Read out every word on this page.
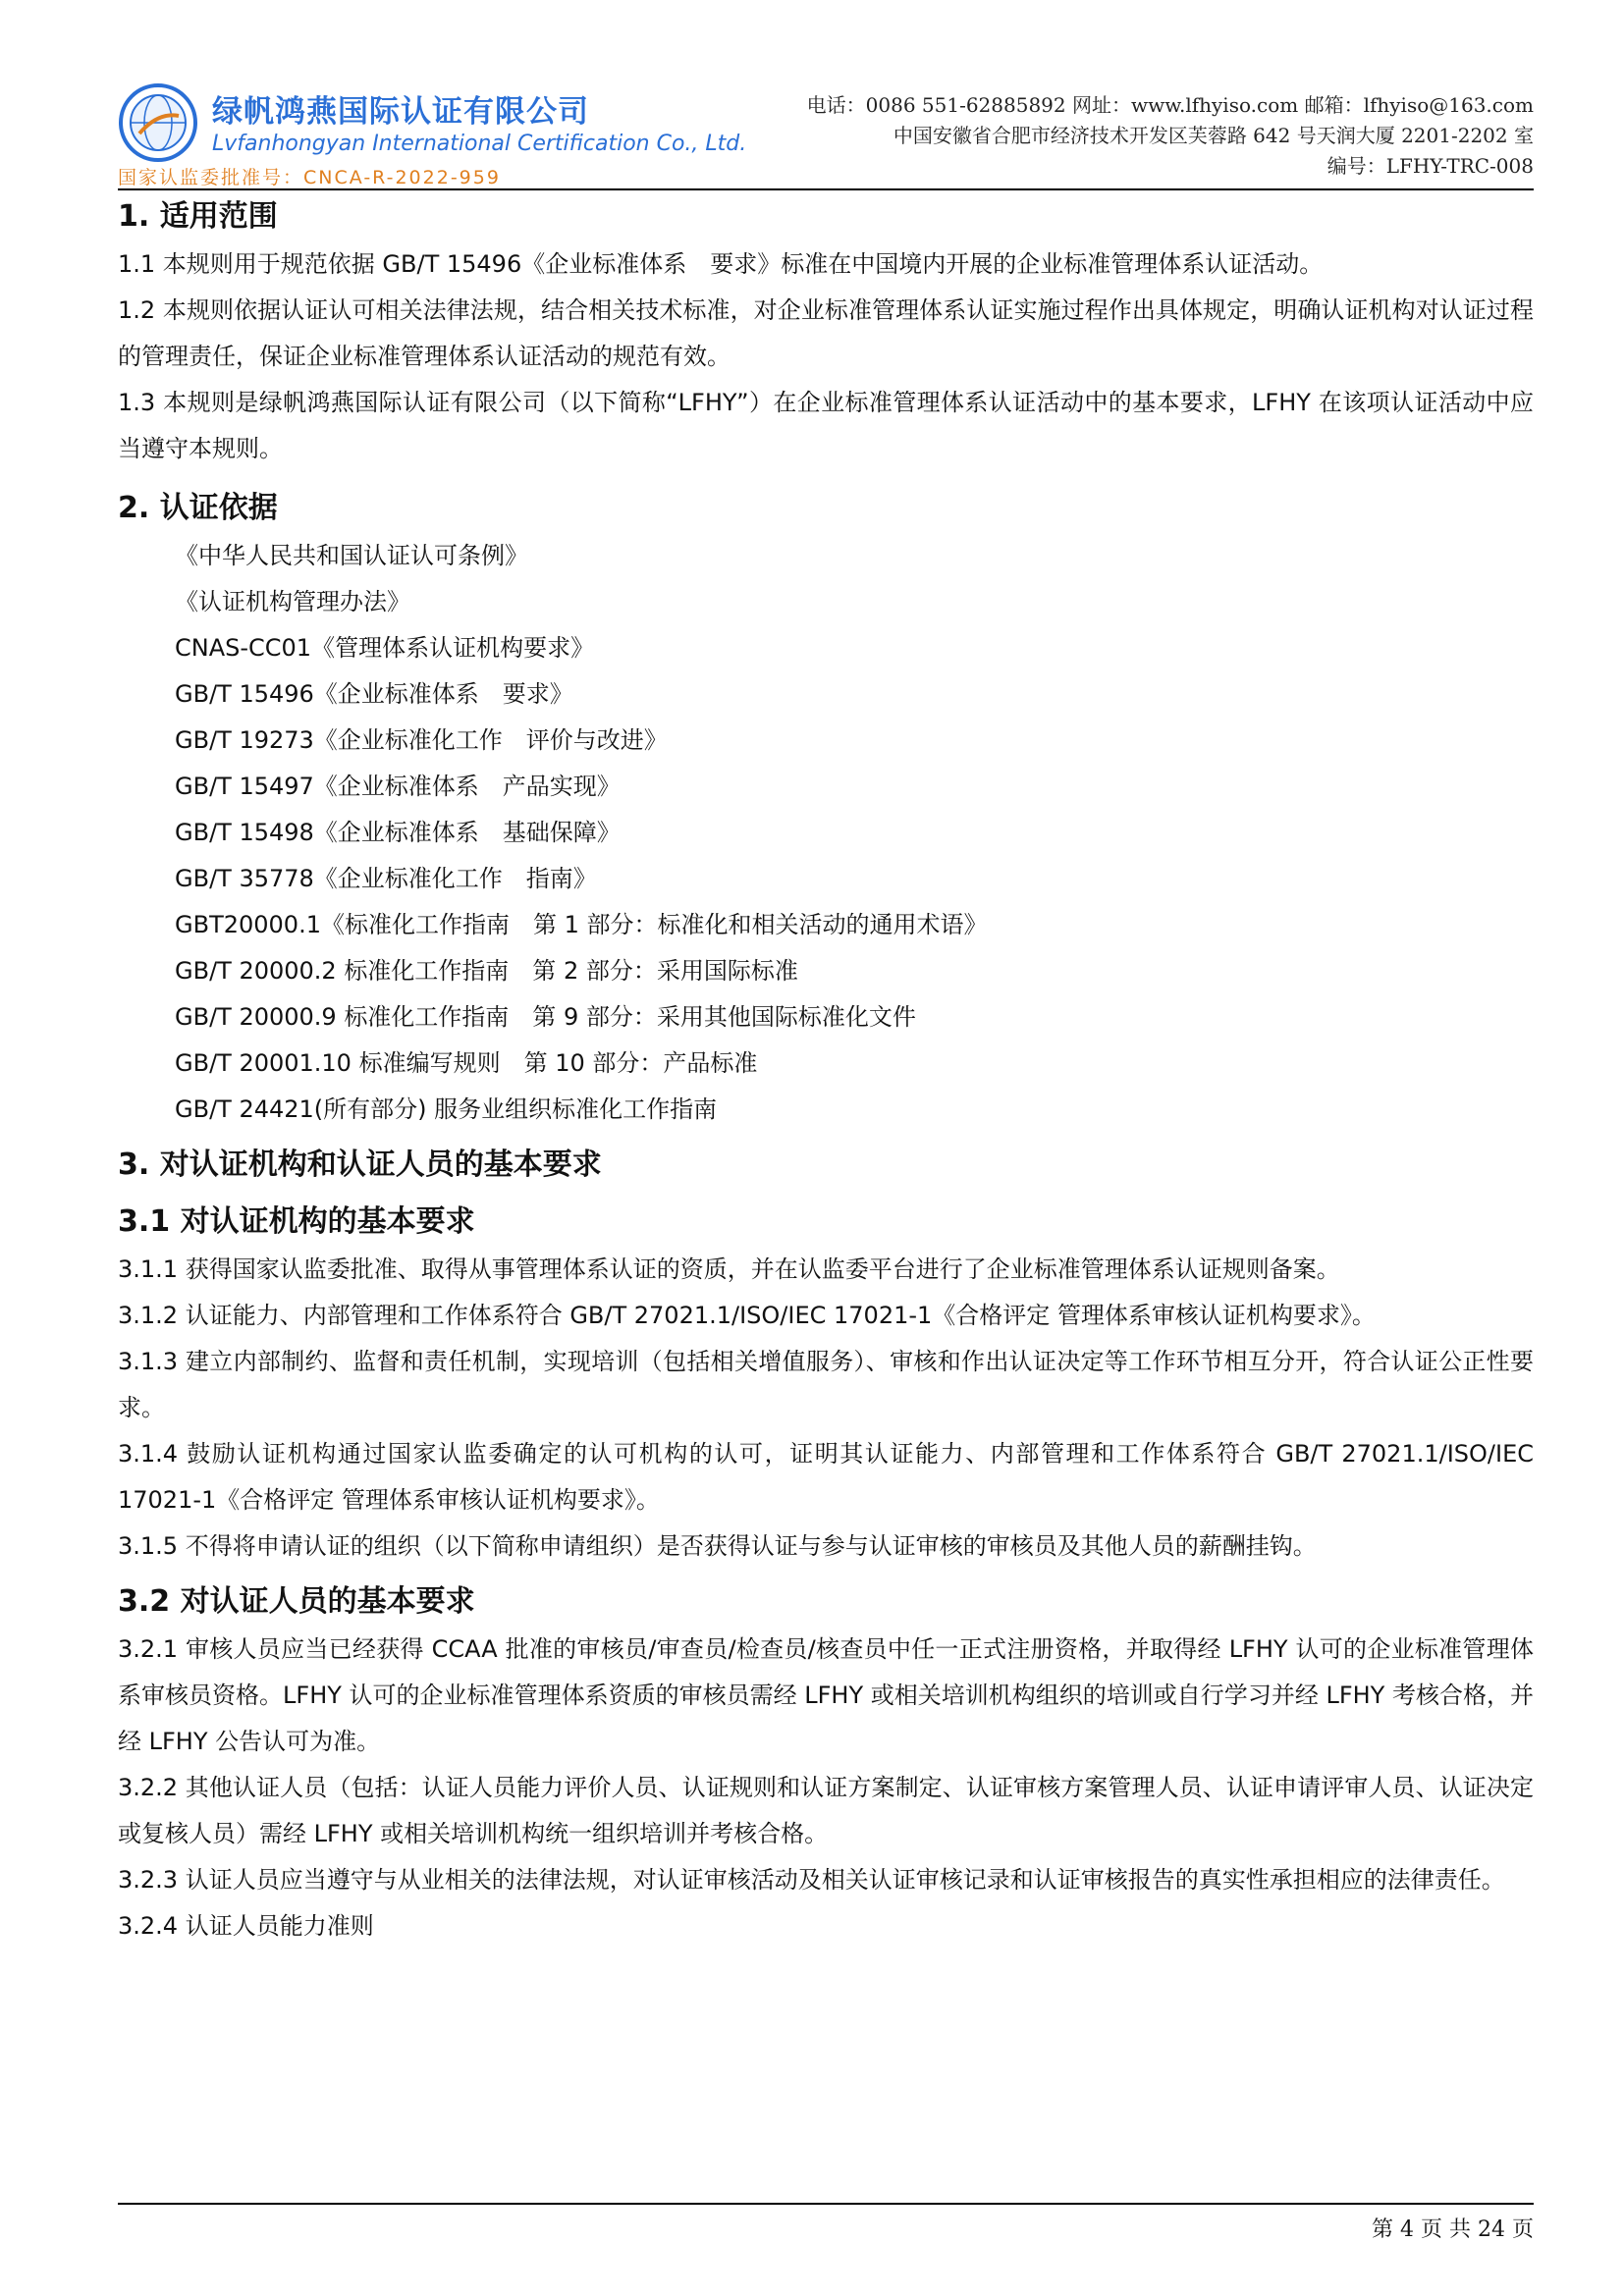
绿帆鸿燕国际认证有限公司
Lvfanhongyan International Certification Co., Ltd.
国家认监委批准号：CNCA-R-2022-959
电话：0086 551-62885892 网址：www.lfhyiso.com 邮箱：lfhyiso@163.com
中国安徽省合肥市经济技术开发区芙蓉路 642 号天润大厦 2201-2202 室
编号：LFHY-TRC-008
1. 适用范围

1.1 本规则用于规范依据 GB/T 15496《企业标准体系　要求》标准在中国境内开展的企业标准管理体系认证活动。

1.2 本规则依据认证认可相关法律法规，结合相关技术标准，对企业标准管理体系认证实施过程作出具体规定，明确认证机构对认证过程的管理责任，保证企业标准管理体系认证活动的规范有效。

1.3 本规则是绿帆鸿燕国际认证有限公司（以下简称“LFHY”）在企业标准管理体系认证活动中的基本要求，LFHY 在该项认证活动中应当遵守本规则。

2. 认证依据

《中华人民共和国认证认可条例》

《认证机构管理办法》

CNAS-CC01《管理体系认证机构要求》

GB/T 15496《企业标准体系　要求》

GB/T 19273《企业标准化工作　评价与改进》

GB/T 15497《企业标准体系　产品实现》

GB/T 15498《企业标准体系　基础保障》

GB/T 35778《企业标准化工作　指南》

GBT20000.1《标准化工作指南　第 1 部分：标准化和相关活动的通用术语》

GB/T 20000.2 标准化工作指南　第 2 部分：采用国际标准

GB/T 20000.9 标准化工作指南　第 9 部分：采用其他国际标准化文件

GB/T 20001.10 标准编写规则　第 10 部分：产品标准

GB/T 24421(所有部分) 服务业组织标准化工作指南

3. 对认证机构和认证人员的基本要求
3.1 对认证机构的基本要求

3.1.1 获得国家认监委批准、取得从事管理体系认证的资质，并在认监委平台进行了企业标准管理体系认证规则备案。

3.1.2 认证能力、内部管理和工作体系符合 GB/T 27021.1/ISO/IEC 17021-1《合格评定 管理体系审核认证机构要求》。

3.1.3 建立内部制约、监督和责任机制，实现培训（包括相关增值服务）、审核和作出认证决定等工作环节相互分开，符合认证公正性要求。

3.1.4 鼓励认证机构通过国家认监委确定的认可机构的认可，证明其认证能力、内部管理和工作体系符合 GB/T 27021.1/ISO/IEC 17021-1《合格评定 管理体系审核认证机构要求》。

3.1.5 不得将申请认证的组织（以下简称申请组织）是否获得认证与参与认证审核的审核员及其他人员的薪酬挂钩。

3.2 对认证人员的基本要求

3.2.1 审核人员应当已经获得 CCAA 批准的审核员/审查员/检查员/核查员中任一正式注册资格，并取得经 LFHY 认可的企业标准管理体系审核员资格。LFHY 认可的企业标准管理体系资质的审核员需经 LFHY 或相关培训机构组织的培训或自行学习并经 LFHY 考核合格，并经 LFHY 公告认可为准。

3.2.2 其他认证人员（包括：认证人员能力评价人员、认证规则和认证方案制定、认证审核方案管理人员、认证申请评审人员、认证决定或复核人员）需经 LFHY 或相关培训机构统一组织培训并考核合格。

3.2.3 认证人员应当遵守与从业相关的法律法规，对认证审核活动及相关认证审核记录和认证审核报告的真实性承担相应的法律责任。

3.2.4 认证人员能力准则

第 4 页 共 24 页
